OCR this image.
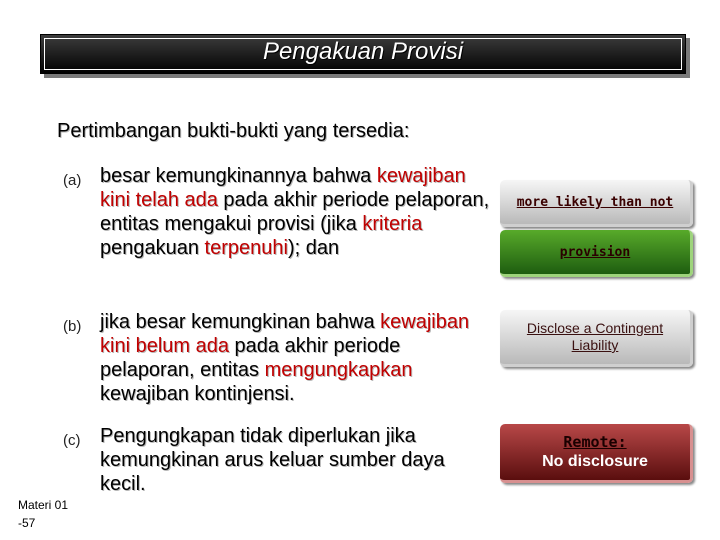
Pengakuan Provisi
Pertimbangan bukti-bukti yang tersedia:
(a) besar kemungkinannya bahwa kewajiban kini telah ada pada akhir periode pelaporan, entitas mengakui provisi (jika kriteria pengakuan terpenuhi); dan
(b) jika besar kemungkinan bahwa kewajiban kini belum ada pada akhir periode pelaporan, entitas mengungkapkan kewajiban kontinjensi.
(c) Pengungkapan tidak diperlukan jika kemungkinan arus keluar sumber daya kecil.
more likely than not
provision
Disclose a Contingent Liability
Remote:
No disclosure
Materi 01
-57
